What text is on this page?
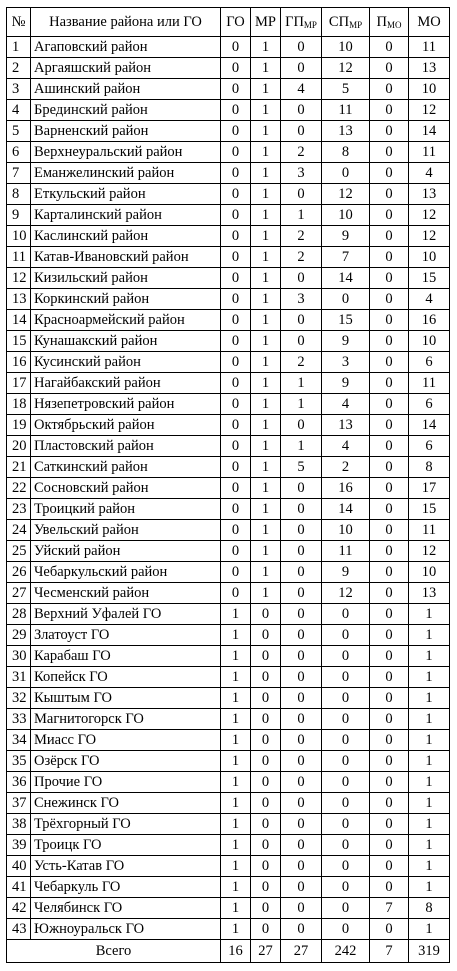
№	Название района или ГО	ГО	МР	$ГП_{МР}$	$СП_{МР}$	$П_{МО}$	МО
1	Агаповский район	0	1	0	10	0	11
2	Аргаяшский район	0	1	0	12	0	13
3	Ашинский район	0	1	4	5	0	10
4	Брединский район	0	1	0	11	0	12
5	Варненский район	0	1	0	13	0	14
6	Верхнеуральский район	0	1	2	8	0	11
7	Еманжелинский район	0	1	3	0	0	4
8	Еткульский район	0	1	0	12	0	13
9	Карталинский район	0	1	1	10	0	12
10	Каслинский район	0	1	2	9	0	12
11	Катав-Ивановский район	0	1	2	7	0	10
12	Кизильский район	0	1	0	14	0	15
13	Коркинский район	0	1	3	0	0	4
14	Красноармейский район	0	1	0	15	0	16
15	Кунашакский район	0	1	0	9	0	10
16	Кусинский район	0	1	2	3	0	6
17	Нагайбакский район	0	1	1	9	0	11
18	Нязепетровский район	0	1	1	4	0	6
19	Октябрьский район	0	1	0	13	0	14
20	Пластовский район	0	1	1	4	0	6
21	Саткинский район	0	1	5	2	0	8
22	Сосновский район	0	1	0	16	0	17
23	Троицкий район	0	1	0	14	0	15
24	Увельский район	0	1	0	10	0	11
25	Уйский район	0	1	0	11	0	12
26	Чебаркульский район	0	1	0	9	0	10
27	Чесменский район	0	1	0	12	0	13
28	Верхний Уфалей ГО	1	0	0	0	0	1
29	Златоуст ГО	1	0	0	0	0	1
30	Карабаш ГО	1	0	0	0	0	1
31	Копейск ГО	1	0	0	0	0	1
32	Кыштым ГО	1	0	0	0	0	1
33	Магнитогорск ГО	1	0	0	0	0	1
34	Миасс ГО	1	0	0	0	0	1
35	Озёрск ГО	1	0	0	0	0	1
36	Прочие ГО	1	0	0	0	0	1
37	Снежинск ГО	1	0	0	0	0	1
38	Трёхгорный ГО	1	0	0	0	0	1
39	Троицк ГО	1	0	0	0	0	1
40	Усть-Катав ГО	1	0	0	0	0	1
41	Чебаркуль ГО	1	0	0	0	0	1
42	Челябинск ГО	1	0	0	0	7	8
43	Южноуральск ГО	1	0	0	0	0	1
Всего		16	27	27	242	7	319
